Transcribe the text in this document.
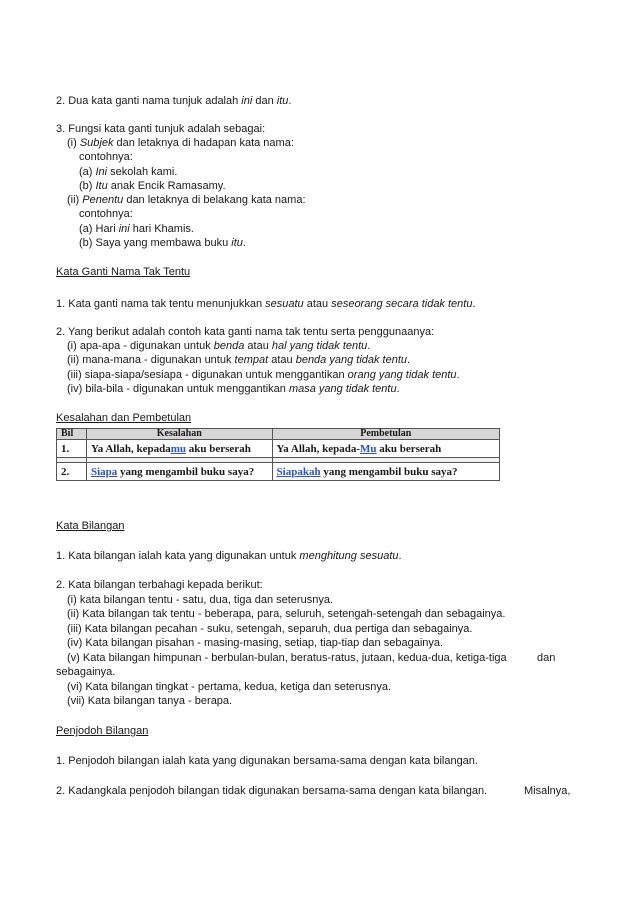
2. Dua kata ganti nama tunjuk adalah ini dan itu.
3. Fungsi kata ganti tunjuk adalah sebagai:
(i) Subjek dan letaknya di hadapan kata nama:
contohnya:
(a) Ini sekolah kami.
(b) Itu anak Encik Ramasamy.
(ii) Penentu dan letaknya di belakang kata nama:
contohnya:
(a) Hari ini hari Khamis.
(b) Saya yang membawa buku itu.
Kata Ganti Nama Tak Tentu
1. Kata ganti nama tak tentu menunjukkan sesuatu atau seseorang secara tidak tentu.
2. Yang berikut adalah contoh kata ganti nama tak tentu serta penggunaanya:
(i) apa-apa - digunakan untuk benda atau hal yang tidak tentu.
(ii) mana-mana - digunakan untuk tempat atau benda yang tidak tentu.
(iii) siapa-siapa/sesiapa - digunakan untuk menggantikan orang yang tidak tentu.
(iv) bila-bila - digunakan untuk menggantikan masa yang tidak tentu.
Kesalahan dan Pembetulan
Bil	Kesalahan	Pembetulan
1.	Ya Allah, kepadamu aku berserah	Ya Allah, kepada-Mu aku berserah

2.	Siapa yang mengambil buku saya?	Siapakah yang mengambil buku saya?
Kata Bilangan
1. Kata bilangan ialah kata yang digunakan untuk menghitung sesuatu.
2. Kata bilangan terbahagi kepada berikut:
(i) kata bilangan tentu - satu, dua, tiga dan seterusnya.
(ii) Kata bilangan tak tentu - beberapa, para, seluruh, setengah-setengah dan sebagainya.
(iii) Kata bilangan pecahan - suku, setengah, separuh, dua pertiga dan sebagainya.
(iv) Kata bilangan pisahan - masing-masing, setiap, tiap-tiap dan sebagainya.
(v) Kata bilangan himpunan - berbulan-bulan, beratus-ratus, jutaan, kedua-dua, ketiga-tiga	dan
sebagainya.
(vi) Kata bilangan tingkat - pertama, kedua, ketiga dan seterusnya.
(vii) Kata bilangan tanya - berapa.
Penjodoh Bilangan
1. Penjodoh bilangan ialah kata yang digunakan bersama-sama dengan kata bilangan.
2. Kadangkala penjodoh bilangan tidak digunakan bersama-sama dengan kata bilangan.	Misalnya,
